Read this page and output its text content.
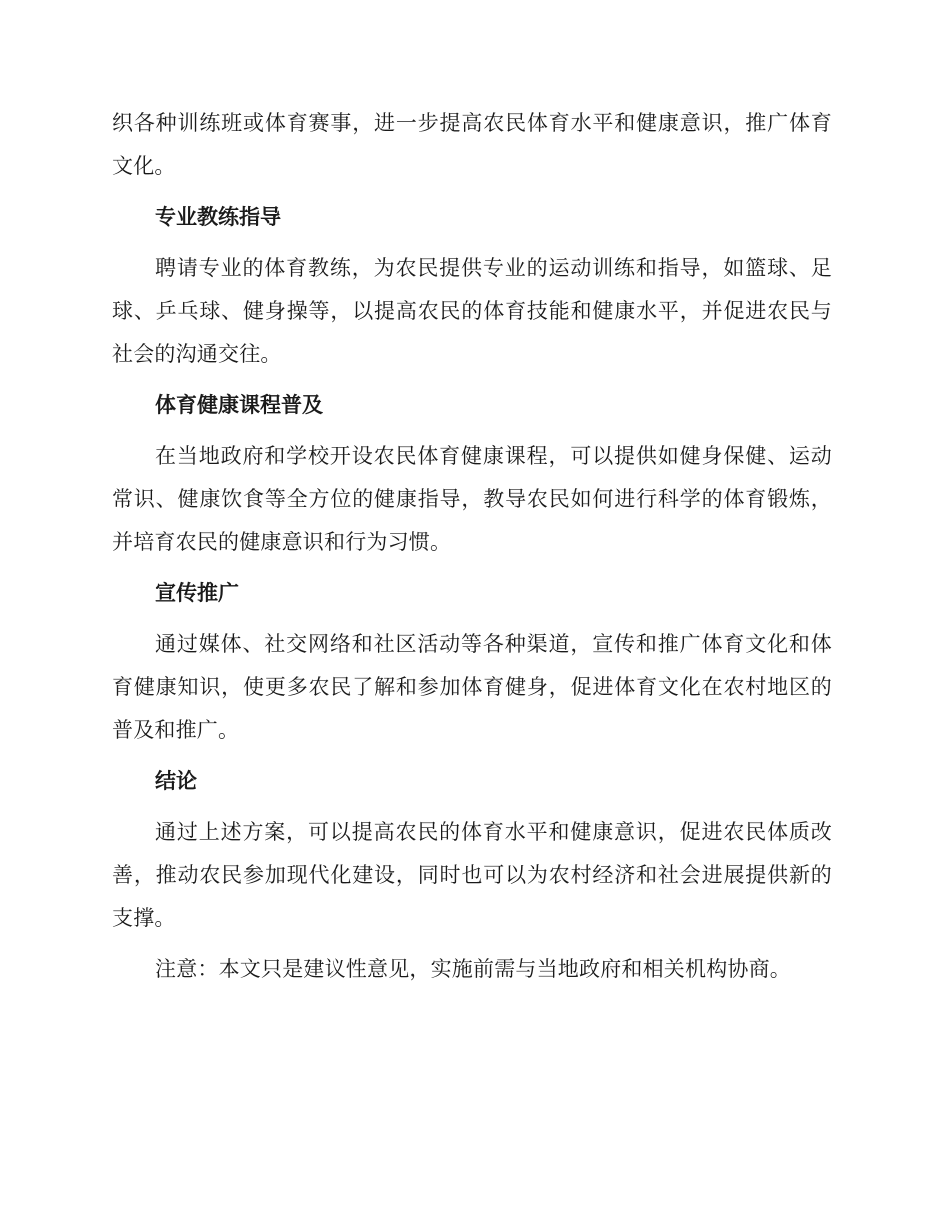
织各种训练班或体育赛事，进一步提高农民体育水平和健康意识，推广体育文化。

专业教练指导

聘请专业的体育教练，为农民提供专业的运动训练和指导，如篮球、足球、乒乓球、健身操等，以提高农民的体育技能和健康水平，并促进农民与社会的沟通交往。

体育健康课程普及

在当地政府和学校开设农民体育健康课程，可以提供如健身保健、运动常识、健康饮食等全方位的健康指导，教导农民如何进行科学的体育锻炼，并培育农民的健康意识和行为习惯。

宣传推广

通过媒体、社交网络和社区活动等各种渠道，宣传和推广体育文化和体育健康知识，使更多农民了解和参加体育健身，促进体育文化在农村地区的普及和推广。

结论

通过上述方案，可以提高农民的体育水平和健康意识，促进农民体质改善，推动农民参加现代化建设，同时也可以为农村经济和社会进展提供新的支撑。

注意：本文只是建议性意见，实施前需与当地政府和相关机构协商。
